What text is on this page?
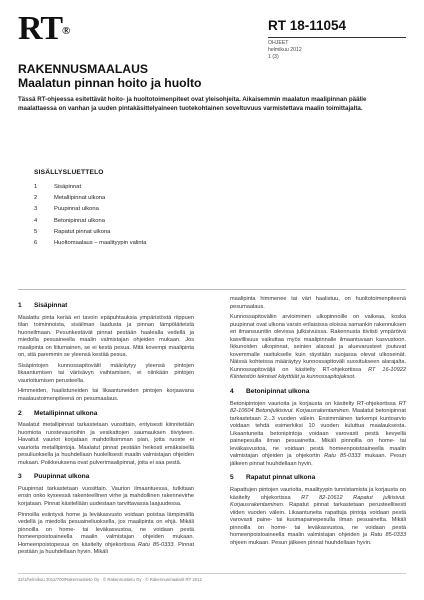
RT®	RT 18-11054
OHJEET
helmikuu 2012
1 (3)
RAKENNUSMAALAUS
Maalatun pinnan hoito ja huolto
Tässä RT-ohjeessa esitettävät hoito- ja huoltotoimenpiteet ovat yleisohjeita. Aikaisemmin maalatun maalipinnan päälle maalattaessa on vanhan ja uuden pintakäsittelyaineen tuotekohtainen soveltuvuus varmistettava maalin toimittajalta.
SISÄLLYSLUETTELO
1	Sisäpinnat
2	Metallipinnat ulkona
3	Puupinnat ulkona
4	Betonipinnat ulkona
5	Rapatut pinnat ulkona
6	Huoltomaalaus – maalityypin valinta
1	Sisäpinnat

Maalattu pinta kerää eri tavoin epäpuhtauksia ympäristöstä riippuen tilan toiminnoista, sisäilman laadusta ja pinnan lämpöläiteistä huoneilmaan. Pesunkestävät pinnat pestään haalealla vedellä ja miedolla pesuaineella maalin valmistajan ohjeiden mukaan. Jos maalipinta on liitumainen, se ei kestä pesua. Mitä kovempi maalipinta on, sitä paremmin se yleensä kestää pesua.

Sisäpintojen kunnossapitovälit määräytyy yleensä pintojen likaantumisen tai värisävyn vaihtamisen, ei niinkään pintojen vaurioitumisen perusteella.

Himmeiden, haalistuneiden tai likaantuneiden pintojen korjaavana maalaustoimenpiteenä on pesumaalaus.

2	Metallipinnat ulkona

Maalatut metallipinnat tarkastetaan vuosittain, erityisesti kiinnitetään huomiota ruostevaurioihin ja vesikattojen saumauksen tiiviyteen. Havaitut vauriot korjataan mahdollisimman pian, jotta ruoste ei vaurioita metallipintoja. Maalatut pinnat pestään heikosti emäksisellä pesuliuoksella ja huuhdellaan huolellisesti maalin valmistajan ohjeiden mukaan. Poikkeuksena ovat pulverimaalipinnat, joita ei saa pestä.

3	Puupinnat ulkona

Puupinnat tarkastetaan vuosittain. Vaurion ilmaantuessa, tutkitaan ensin onko kyseessä rakenteellinen virhe ja mahdollinen rakennevirhe korjataan. Pinnat käsitellään uudestaan tarvittavassa laajuudessa.

Pinnoilla esiintyvä home ja leväkasvusto voidaan poistaa lämpimällä vedellä ja miedolla pesuaineliuoksella, jos maalipinta on ehjä. Mikäli pinnoilla on home- tai leväkasvustoa, ne voidaan pestä homeenpoistoaineella maalin valmistajan ohjeiden mukaan. Homeenpoistopesua on käsitelty ohjekortissa Ratu 85-0333. Pinnat pestään ja huuhdellaan hyvin. Mikäli

maalipinta himmenee tai väri haalistuu, on huoltotoimenpiteenä pesumaalaus.

Kunnossapitoväliin arvioiminen ulkopinnoille on vaikeaa, koska puupinnat ovat ulkona varsin erilaisissa oloissa samankin rakennuksen eri ilmansuuntiin olevissa julkisivuissa. Rakennusta tiiviisti ympäröivä kasvillisuus vaikuttaa myös maalipinnalle ilmaantuvaan kasvustoon. Ikkunoiden ulkopinnat, seinien alaosat ja aluevarusteet joutuvat kovemmalle rasitukselle kuin räystään suojassa olevat ulkoseinät. Näissä kohteissa määräytyy kunnossapitoväli suositukseen alarajalta. Kunnossapitoväljä on käsitelty RT-ohjekortissa RT 16-10922 Kiinteistön tekniset käyttöiät ja kunnossapitojaksot.

4	Betonipinnat ulkona

Betonipintojen vaurioita ja korjausta on käsitelty RT-ohjekortissa RT 82-10604 Betonijulkisivut. Korjausrakentaminen. Maalatut betonipinnat tarkastetaan 2...3 vuoden välein. Ensimmäinen tarkempi kuntoarvio voidaan tehdä esimerkiksi 10 vuoden kuluttua maalauksesta. Likaantuneita betonipintoja voidaan varovasti pestä kevyellä painepesulla ilman pesuainetta. Mikäli pinnoilla on home- tai leväkasvustoa, ne voidaan pestä homeenpoistoaineella maalin valmistajan ohjeiden ja ohjekortin Ratu 85-0333 mukaan. Pesun jälkeen pinnat huuhdellaan hyvin.

5	Rapatut pinnat ulkona

Rapattujen pintojen vaurioita, maalityypin tunnistamista ja korjausta on käsitelty ohjekortissa RT 82-10612 Rapatut julkisivut. Korjausrakentaminen. Rapatut pinnat tarkastetaan perusteellisesti viiden vuoden välein. Likaantuneita rapattuja pintoja voidaan pestä varovasti paine- tai kuumapainepesulla ilman pesuainetta. Mikäli pinnoilla on home- tai leväkasvustoa, ne voidaan pestä homeenpoistoaineella maalin valmistajan ohjeiden ja Ratu 85-0333 ohjeen mukaan. Pesun jälkeen pinnat huuhdellaan hyvin.

22/1/helmikuu 2012/700/Rakennustieto Oy · © Rakennustieto Oy · © Rakennusmaalarit RT 2012
